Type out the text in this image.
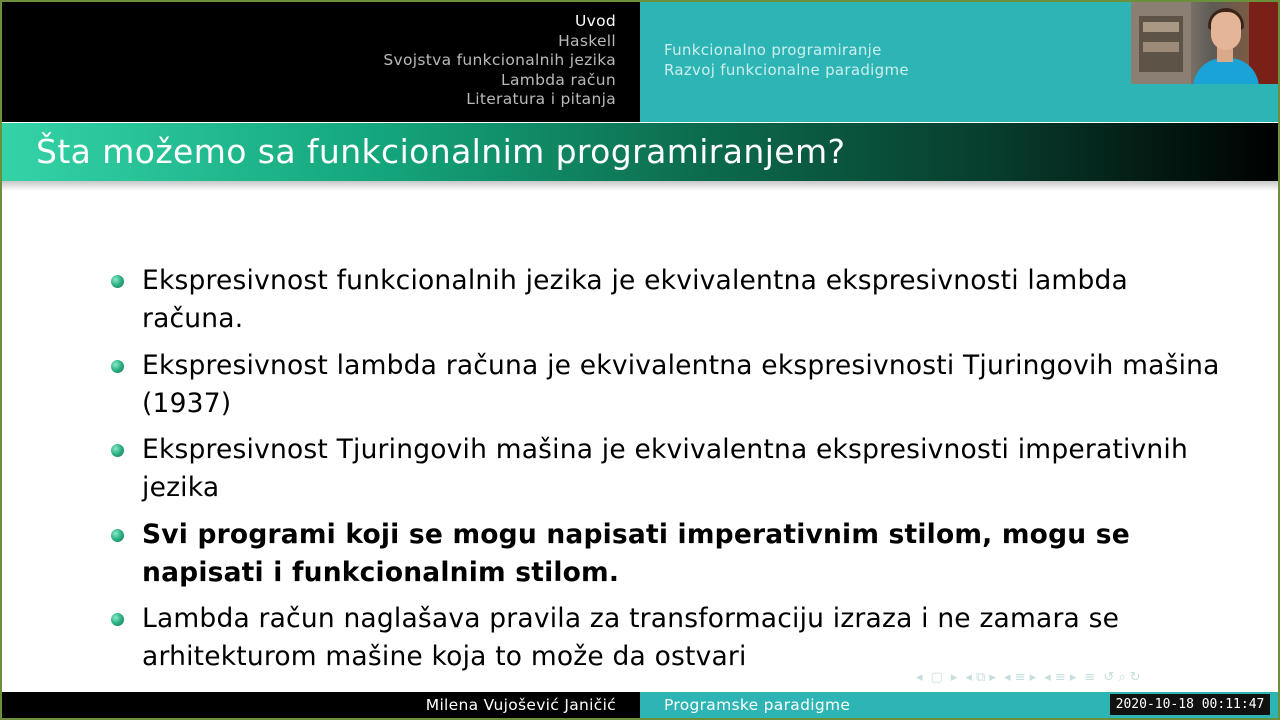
Uvod
Haskell
Svojstva funkcionalnih jezika
Lambda račun
Literatura i pitanja
Funkcionalno programiranje
Razvoj funkcionalne paradigme
Šta možemo sa funkcionalnim programiranjem?
Ekspresivnost funkcionalnih jezika je ekvivalentna ekspresivnosti lambda računa.
Ekspresivnost lambda računa je ekvivalentna ekspresivnosti Tjuringovih mašina (1937)
Ekspresivnost Tjuringovih mašina je ekvivalentna ekspresivnosti imperativnih jezika
Svi programi koji se mogu napisati imperativnim stilom, mogu se napisati i funkcionalnim stilom.
Lambda račun naglašava pravila za transformaciju izraza i ne zamara se arhitekturom mašine koja to može da ostvari
◂ ▢ ▸ ◂ ⧉ ▸ ◂ ≡ ▸ ◂ ≡ ▸ ≡ ↺ ⌕ ↻
Milena Vujošević Janičić	Programske paradigme	2020-10-18 00:11:47
